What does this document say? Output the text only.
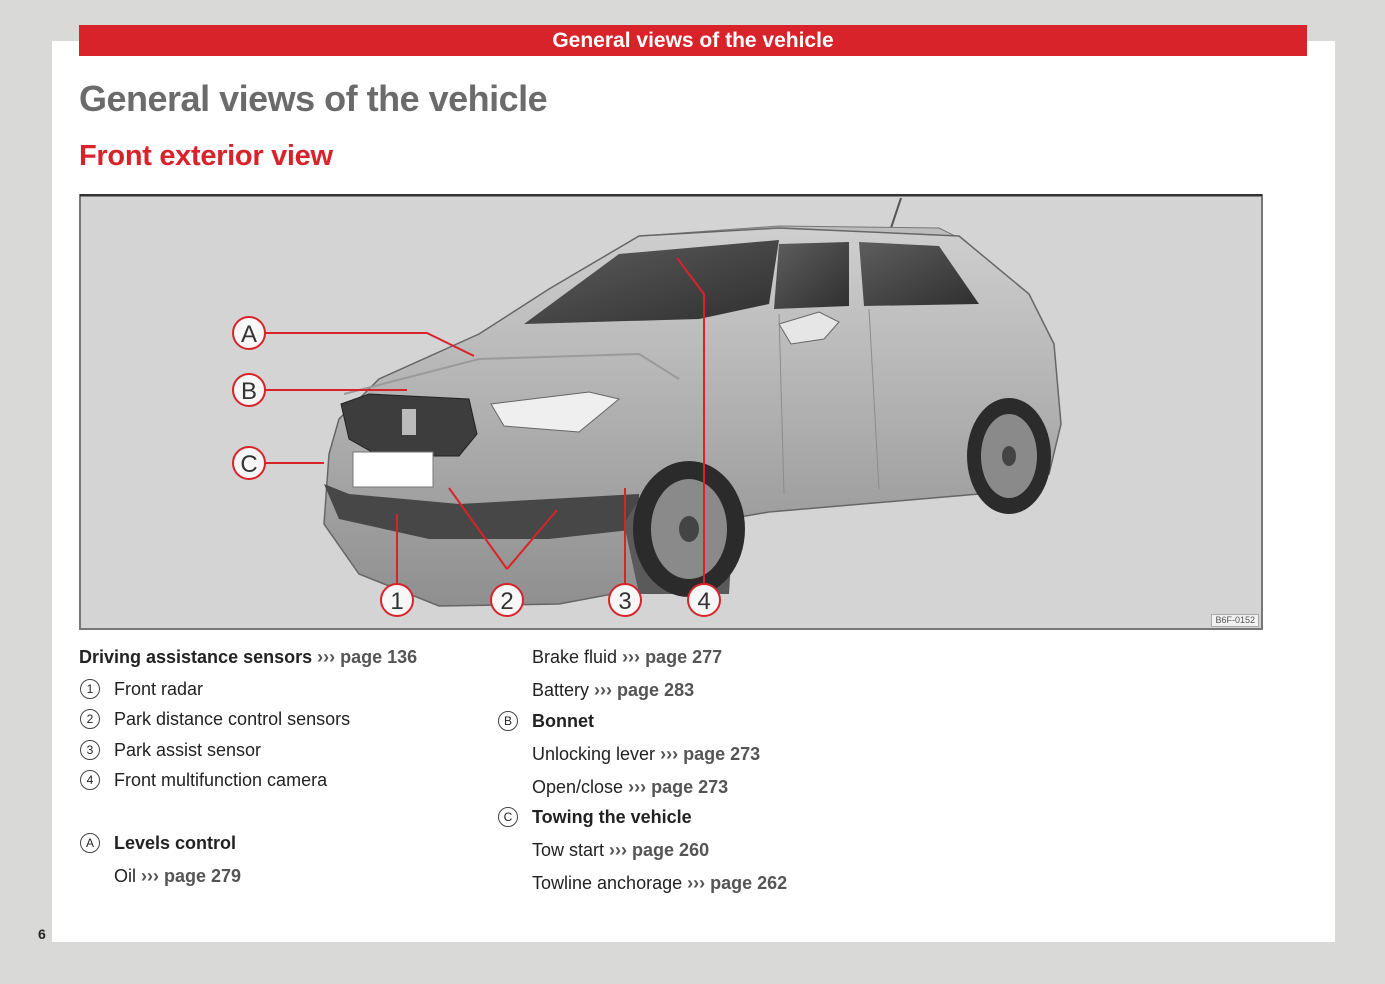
General views of the vehicle
General views of the vehicle
Front exterior view
A
B
C
1	2	3	4
B6F-0152
Driving assistance sensors ››› page 136
1	Front radar
2	Park distance control sensors
3	Park assist sensor
4	Front multifunction camera
A	Levels control
Oil ››› page 279
Brake fluid ››› page 277
Battery ››› page 283
B	Bonnet
Unlocking lever ››› page 273
Open/close ››› page 273
C	Towing the vehicle
Tow start ››› page 260
Towline anchorage ››› page 262
6
